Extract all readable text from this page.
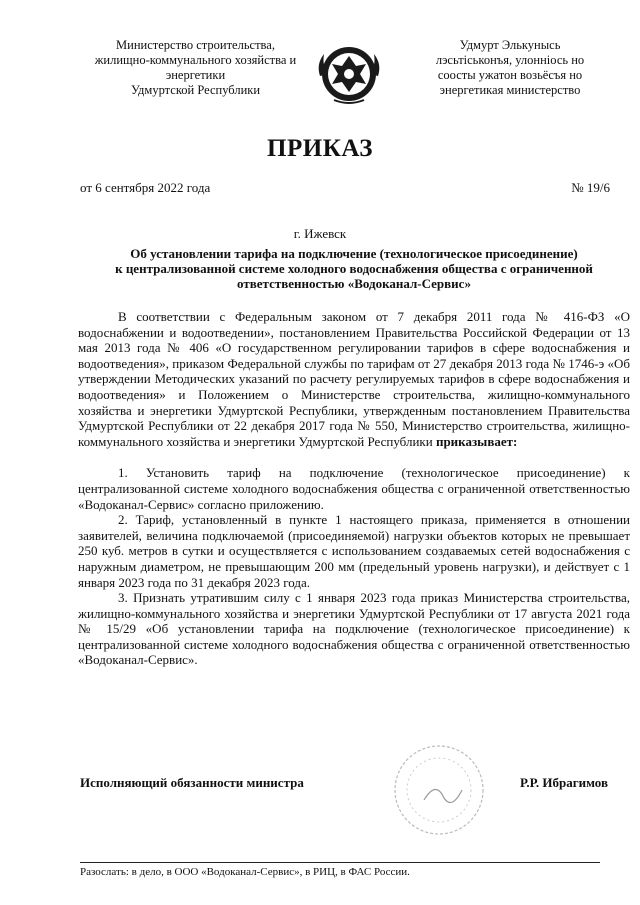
Министерство строительства,
жилищно-коммунального хозяйства и
энергетики
Удмуртской Республики
Удмурт Элькунысь
лэсьтiськонъя, улоннiось но
соосты ужатон возьёсъя но
энергетикая министерство
ПРИКАЗ
от 6 сентября 2022 года	№ 19/6
г. Ижевск
Об установлении тарифа на подключение (технологическое присоединение)
к централизованной системе холодного водоснабжения общества с ограниченной
ответственностью «Водоканал-Сервис»

В соответствии с Федеральным законом от 7 декабря 2011 года № 416-ФЗ «О водоснабжении и водоотведении», постановлением Правительства Российской Федерации от 13 мая 2013 года № 406 «О государственном регулировании тарифов в сфере водоснабжения и водоотведения», приказом Федеральной службы по тарифам от 27 декабря 2013 года № 1746-э «Об утверждении Методических указаний по расчету регулируемых тарифов в сфере водоснабжения и водоотведения» и Положением о Министерстве строительства, жилищно-коммунального хозяйства и энергетики Удмуртской Республики, утвержденным постановлением Правительства Удмуртской Республики от 22 декабря 2017 года № 550, Министерство строительства, жилищно-коммунального хозяйства и энергетики Удмуртской Республики приказывает:

1. Установить тариф на подключение (технологическое присоединение) к централизованной системе холодного водоснабжения общества с ограниченной ответственностью «Водоканал-Сервис» согласно приложению.

2. Тариф, установленный в пункте 1 настоящего приказа, применяется в отношении заявителей, величина подключаемой (присоединяемой) нагрузки объектов которых не превышает 250 куб. метров в сутки и осуществляется с использованием создаваемых сетей водоснабжения с наружным диаметром, не превышающим 200 мм (предельный уровень нагрузки), и действует с 1 января 2023 года по 31 декабря 2023 года.

3. Признать утратившим силу с 1 января 2023 года приказ Министерства строительства, жилищно-коммунального хозяйства и энергетики Удмуртской Республики от 17 августа 2021 года № 15/29 «Об установлении тарифа на подключение (технологическое присоединение) к централизованной системе холодного водоснабжения общества с ограниченной ответственностью «Водоканал-Сервис».

Исполняющий обязанности министра	Р.Р. Ибрагимов
Разослать: в дело, в ООО «Водоканал-Сервис», в РИЦ, в ФАС России.
